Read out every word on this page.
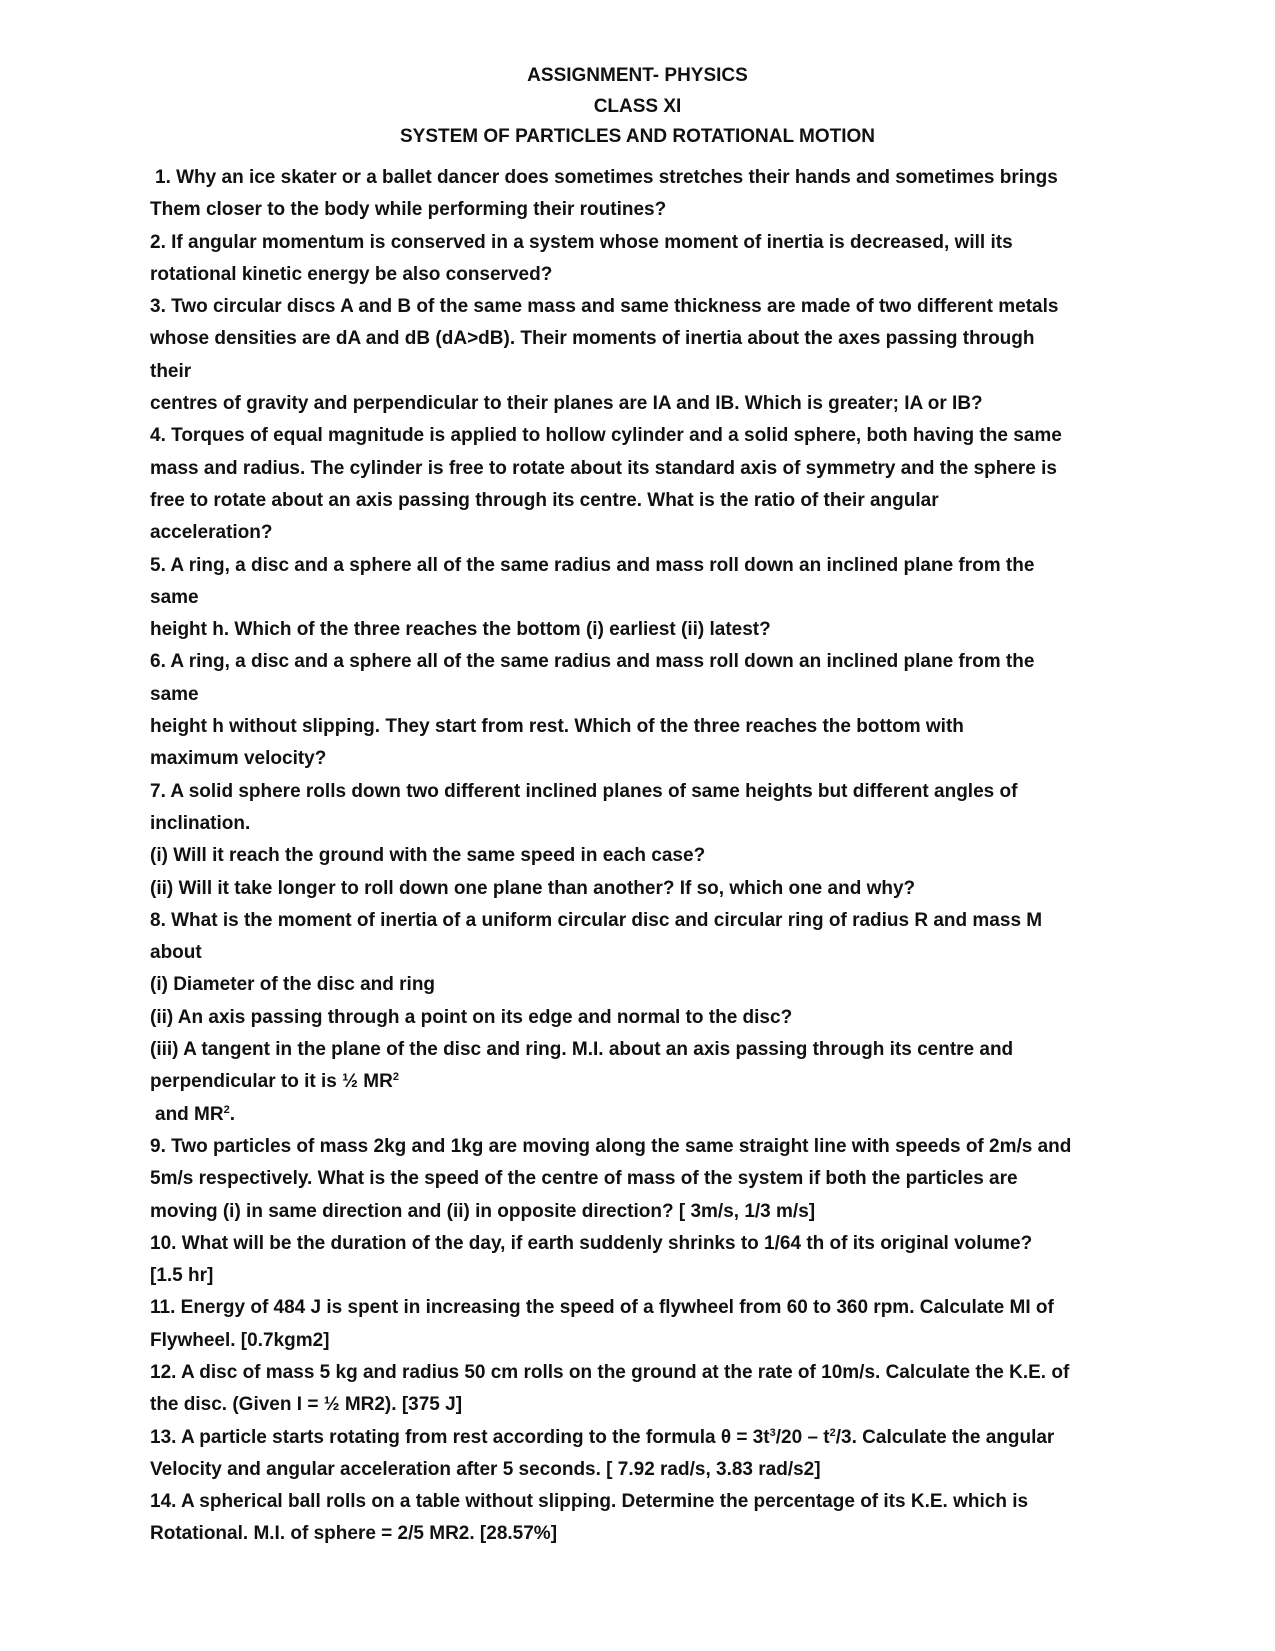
ASSIGNMENT- PHYSICS
CLASS XI
SYSTEM OF PARTICLES AND ROTATIONAL MOTION
1. Why an ice skater or a ballet dancer does sometimes stretches their hands and sometimes brings
Them closer to the body while performing their routines?
2. If angular momentum is conserved in a system whose moment of inertia is decreased, will its
rotational kinetic energy be also conserved?
3. Two circular discs A and B of the same mass and same thickness are made of two different metals
whose densities are dA and dB (dA>dB). Their moments of inertia about the axes passing through
their
centres of gravity and perpendicular to their planes are IA and IB. Which is greater; IA or IB?
4. Torques of equal magnitude is applied to hollow cylinder and a solid sphere, both having the same
mass and radius. The cylinder is free to rotate about its standard axis of symmetry and the sphere is
free to rotate about an axis passing through its centre. What is the ratio of their angular
acceleration?
5. A ring, a disc and a sphere all of the same radius and mass roll down an inclined plane from the
same
height h. Which of the three reaches the bottom (i) earliest (ii) latest?
6. A ring, a disc and a sphere all of the same radius and mass roll down an inclined plane from the
same
height h without slipping. They start from rest. Which of the three reaches the bottom with
maximum velocity?
7. A solid sphere rolls down two different inclined planes of same heights but different angles of
inclination.
(i) Will it reach the ground with the same speed in each case?
(ii) Will it take longer to roll down one plane than another? If so, which one and why?
8. What is the moment of inertia of a uniform circular disc and circular ring of radius R and mass M
about
(i) Diameter of the disc and ring
(ii) An axis passing through a point on its edge and normal to the disc?
(iii) A tangent in the plane of the disc and ring. M.I. about an axis passing through its centre and
perpendicular to it is ½ $MR^2$
and $MR^2$.
9. Two particles of mass 2kg and 1kg are moving along the same straight line with speeds of 2m/s and
5m/s respectively. What is the speed of the centre of mass of the system if both the particles are
moving (i) in same direction and (ii) in opposite direction? [ 3m/s, 1/3 m/s]
10. What will be the duration of the day, if earth suddenly shrinks to 1/64 th of its original volume?
[1.5 hr]
11. Energy of 484 J is spent in increasing the speed of a flywheel from 60 to 360 rpm. Calculate MI of
Flywheel. [0.7kgm2]
12. A disc of mass 5 kg and radius 50 cm rolls on the ground at the rate of 10m/s. Calculate the K.E. of
the disc. (Given I = ½ MR2). [375 J]
13. A particle starts rotating from rest according to the formula $\theta = 3t^3/20 - t^2/3$. Calculate the angular
Velocity and angular acceleration after 5 seconds. [ 7.92 rad/s, 3.83 rad/s2]
14. A spherical ball rolls on a table without slipping. Determine the percentage of its K.E. which is
Rotational. M.I. of sphere = 2/5 MR2. [28.57%]
